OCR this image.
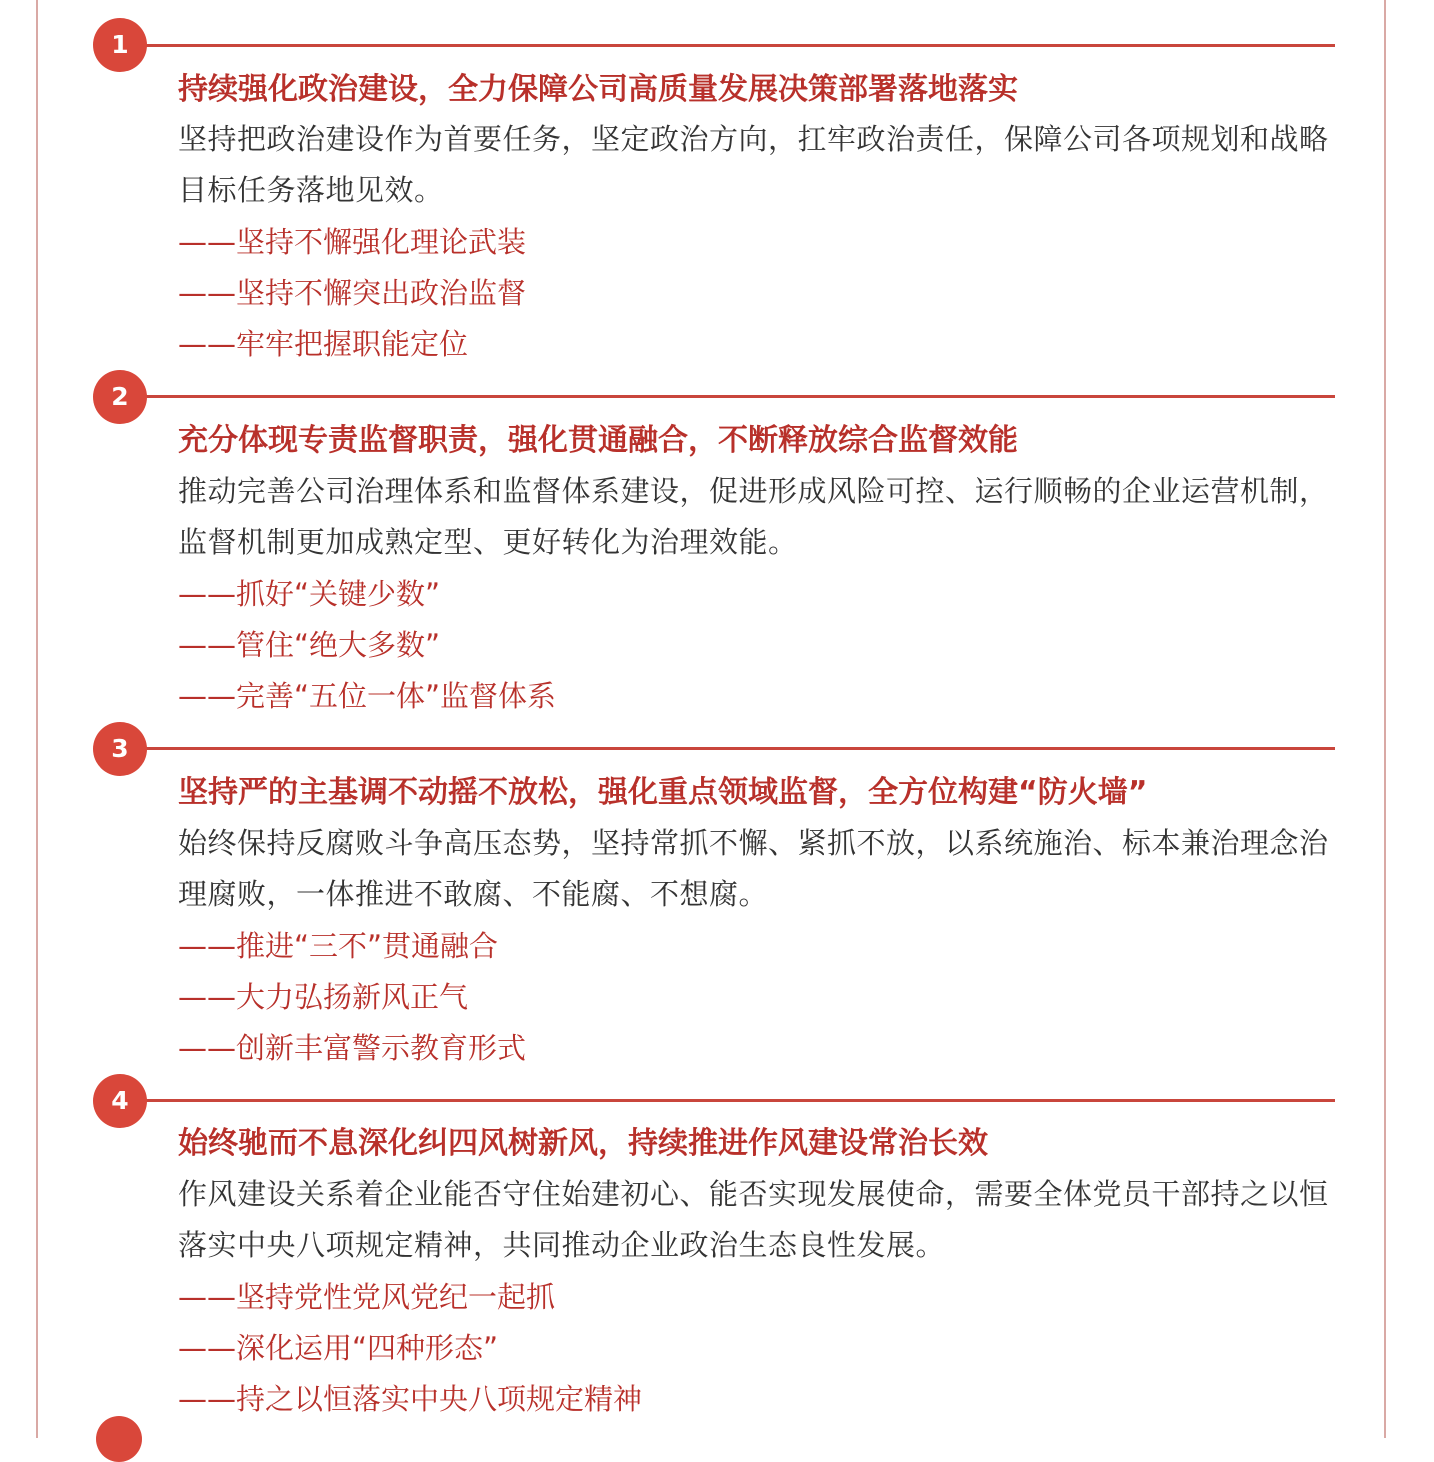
1
持续强化政治建设，全力保障公司高质量发展决策部署落地落实
坚持把政治建设作为首要任务，坚定政治方向，扛牢政治责任，保障公司各项规划和战略目标任务落地见效。
——坚持不懈强化理论武装
——坚持不懈突出政治监督
——牢牢把握职能定位
2
充分体现专责监督职责，强化贯通融合，不断释放综合监督效能
推动完善公司治理体系和监督体系建设，促进形成风险可控、运行顺畅的企业运营机制，监督机制更加成熟定型、更好转化为治理效能。
——抓好“关键少数”
——管住“绝大多数”
——完善“五位一体”监督体系
3
坚持严的主基调不动摇不放松，强化重点领域监督，全方位构建“防火墙”
始终保持反腐败斗争高压态势，坚持常抓不懈、紧抓不放，以系统施治、标本兼治理念治理腐败，一体推进不敢腐、不能腐、不想腐。
——推进“三不”贯通融合
——大力弘扬新风正气
——创新丰富警示教育形式
4
始终驰而不息深化纠四风树新风，持续推进作风建设常治长效
作风建设关系着企业能否守住始建初心、能否实现发展使命，需要全体党员干部持之以恒落实中央八项规定精神，共同推动企业政治生态良性发展。
——坚持党性党风党纪一起抓
——深化运用“四种形态”
——持之以恒落实中央八项规定精神
